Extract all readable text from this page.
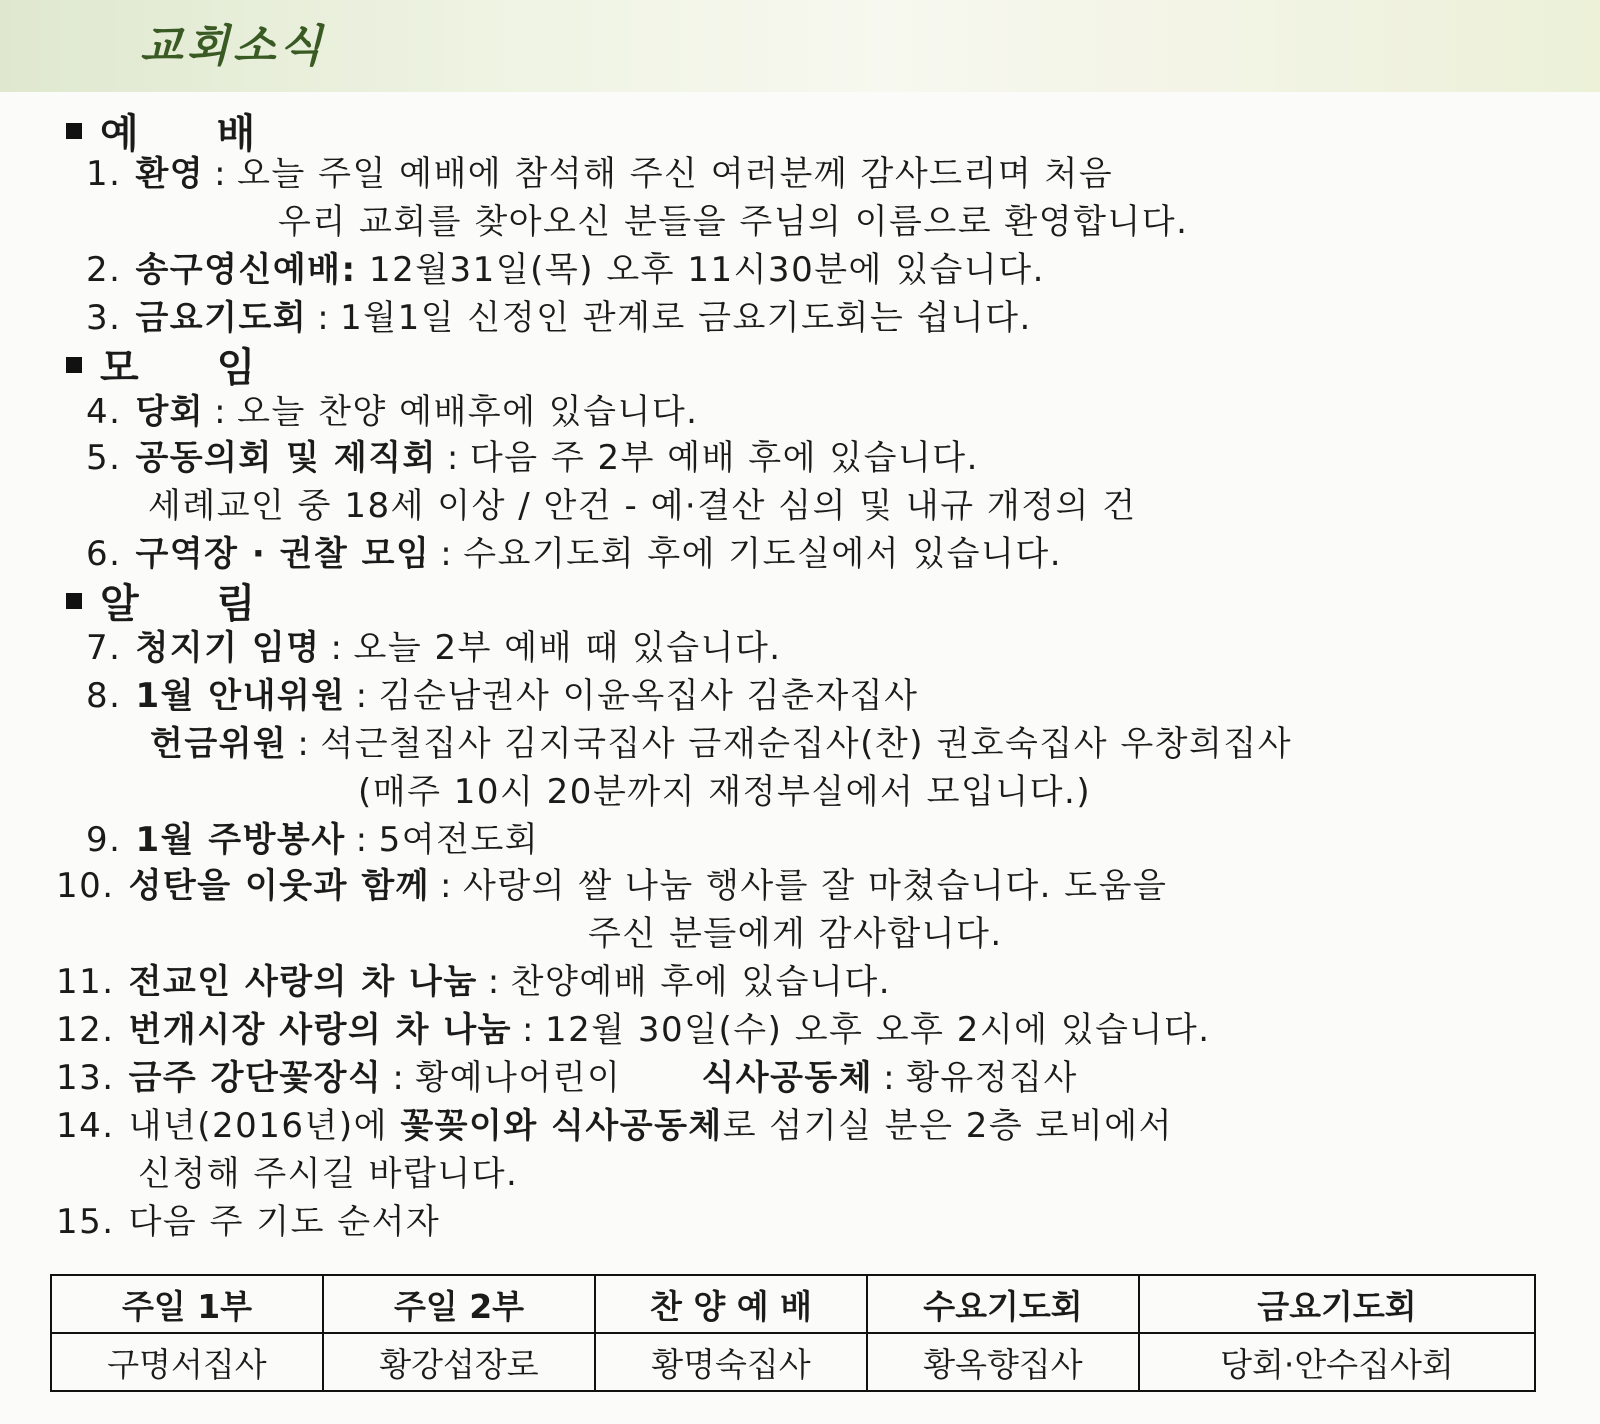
교회소식
예 배
1. 환영 : 오늘 주일 예배에 참석해 주신 여러분께 감사드리며 처음
우리 교회를 찾아오신 분들을 주님의 이름으로 환영합니다.
2. 송구영신예배: 12월31일(목) 오후 11시30분에 있습니다.
3. 금요기도회 : 1월1일 신정인 관계로 금요기도회는 쉽니다.
모 임
4. 당회 : 오늘 찬양 예배후에 있습니다.
5. 공동의회 및 제직회 : 다음 주 2부 예배 후에 있습니다.
세례교인 중 18세 이상 / 안건 - 예·결산 심의 및 내규 개정의 건
6. 구역장 · 권찰 모임 : 수요기도회 후에 기도실에서 있습니다.
알 림
7. 청지기 임명 : 오늘 2부 예배 때 있습니다.
8. 1월 안내위원 : 김순남권사 이윤옥집사 김춘자집사
헌금위원 : 석근철집사 김지국집사 금재순집사(찬) 권호숙집사 우창희집사
(매주 10시 20분까지 재정부실에서 모입니다.)
9. 1월 주방봉사 : 5여전도회
10. 성탄을 이웃과 함께 : 사랑의 쌀 나눔 행사를 잘 마쳤습니다. 도움을
주신 분들에게 감사합니다.
11. 전교인 사랑의 차 나눔 : 찬양예배 후에 있습니다.
12. 번개시장 사랑의 차 나눔 : 12월 30일(수) 오후 오후 2시에 있습니다.
13. 금주 강단꽃장식 : 황예나어린이 식사공동체 : 황유정집사
14. 내년(2016년)에 꽃꽂이와 식사공동체로 섬기실 분은 2층 로비에서
신청해 주시길 바랍니다.
15. 다음 주 기도 순서자
주일 1부	주일 2부	찬 양 예 배	수요기도회	금요기도회
구명서집사	황강섭장로	황명숙집사	황옥향집사	당회·안수집사회
